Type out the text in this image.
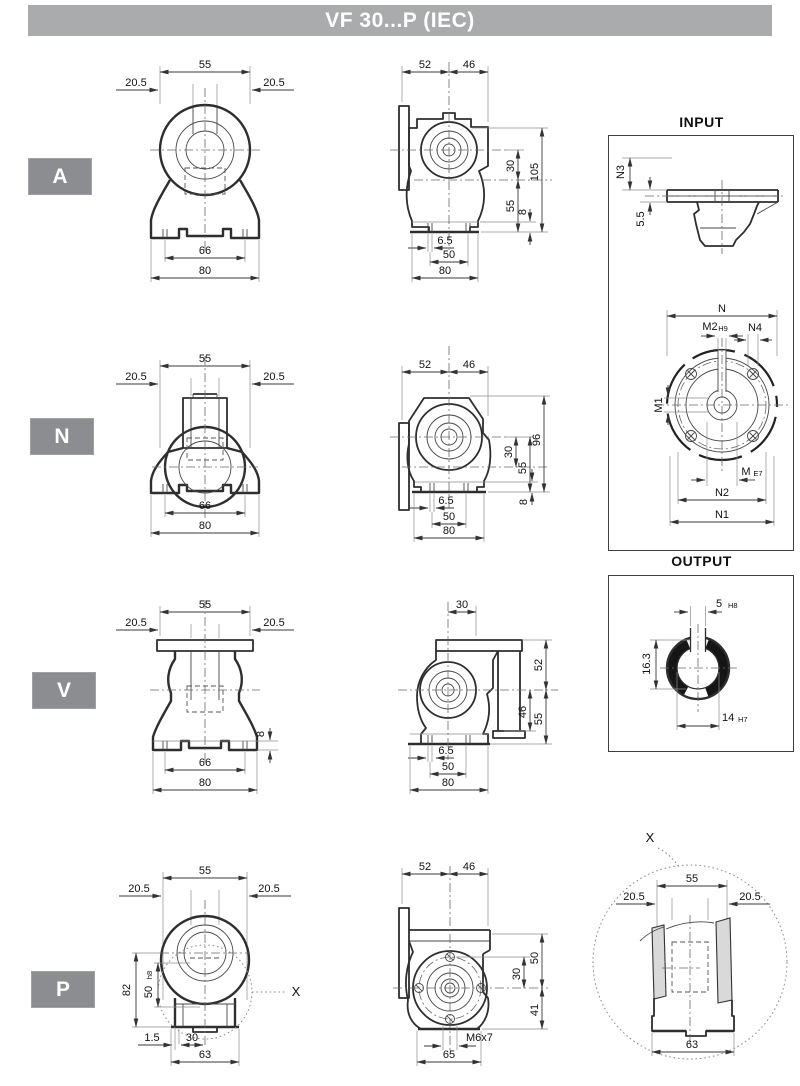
55
20.5	20.5
66
80
52	46
30
55
105
8
6.5
50
80
55
20.5	20.5
66
80
52	46
30
55
96
8
6.5
50
80
55
20.5	20.5
8
66
80
30
52
46
55
6.5
50
80
55
20.5	20.5
X
82 50
h8
1.5 30
63
52	46
50
30
41
M6x7
65
N3
5.5
N
M2 H9 N4
M1
M E7
N2
N1
5 H8
16.3
14 H7
X
55
20.5	20.5
63
VF 30...P (IEC)
A
N
V
P
INPUT
OUTPUT
